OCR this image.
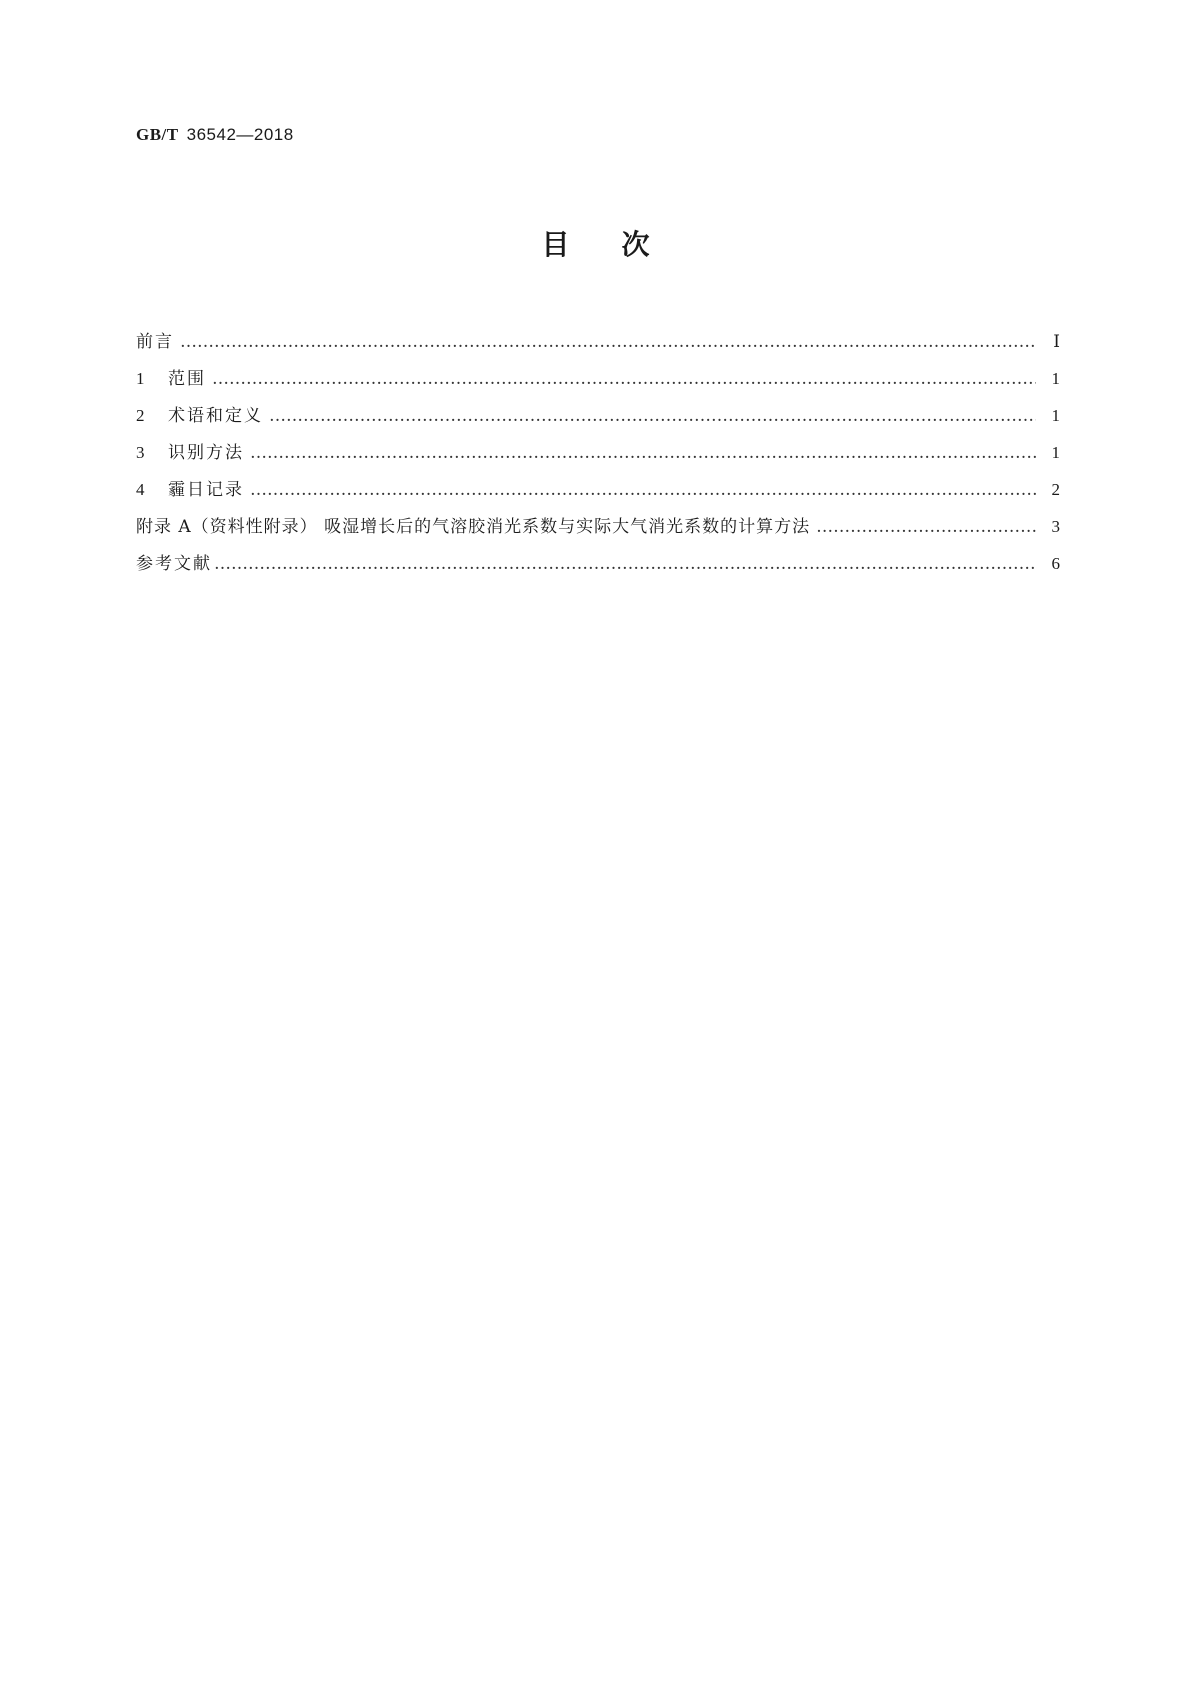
GB/T 36542—2018
目 次
前言 …………………………………………………………………………………………………………………………………………………………………………………………………………………	Ⅰ
1	范围 …………………………………………………………………………………………………………………………………………………………………………………………………………………	1
2	术语和定义 …………………………………………………………………………………………………………………………………………………………………………………………………………………	1
3	识别方法 …………………………………………………………………………………………………………………………………………………………………………………………………………………	1
4	霾日记录 …………………………………………………………………………………………………………………………………………………………………………………………………………………	2
附录 A（资料性附录） 吸湿增长后的气溶胶消光系数与实际大气消光系数的计算方法 …………………………………………………………………………………………………………………………………………………………………………………………………………………	3
参考文献 …………………………………………………………………………………………………………………………………………………………………………………………………………………	6
